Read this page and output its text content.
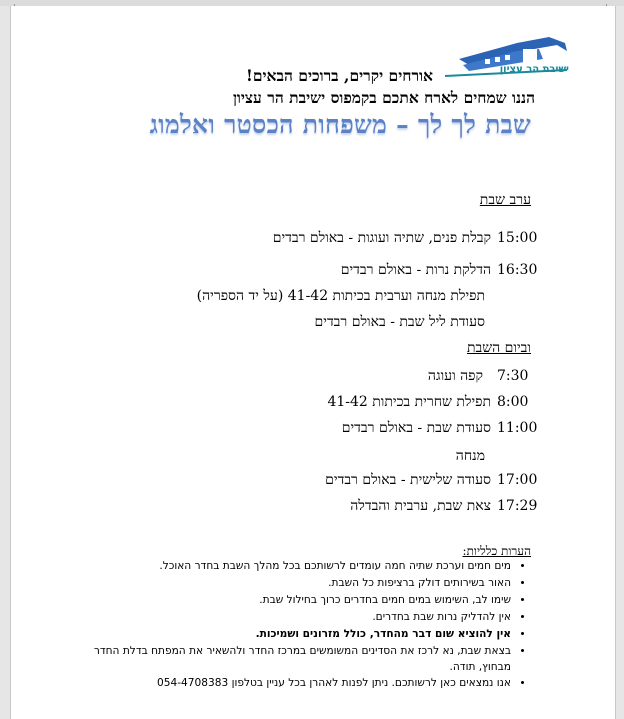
ישיבת הר עציון
אורחים יקרים, ברוכים הבאים!
הננו שמחים לארח אתכם בקמפוס ישיבת הר עציון
שבת לך לך – משפחות הכסטר ואלמוג
ערב שבת
15:00קבלת פנים, שתיה ועוגות - באולם רבדים
16:30הדלקת נרות - באולם רבדים
תפילת מנחה וערבית בכיתות 41-42 (על יד הספריה)
סעודת ליל שבת - באולם רבדים
וביום השבת
7:30קפה ועוגה
8:00תפילת שחרית בכיתות 41-42
11:00סעודת שבת - באולם רבדים
מנחה
17:00סעודה שלישית - באולם רבדים
17:29צאת שבת, ערבית והבדלה
הערות כלליות:
• מים חמים וערכת שתיה חמה עומדים לרשותכם בכל מהלך השבת בחדר האוכל.
• האור בשירותים דולק ברציפות כל השבת.
• שימו לב, השימוש במים חמים בחדרים כרוך בחילול שבת.
• אין להדליק נרות שבת בחדרים.
• אין להוציא שום דבר מהחדר, כולל מזרונים ושמיכות.
• בצאת שבת, נא לרכז את הסדינים המשומשים במרכז החדר ולהשאיר את המפתח בדלת החדר מבחוץ, תודה.
• אנו נמצאים כאן לרשותכם. ניתן לפנות לאהרן בכל עניין בטלפון 054-4708383
